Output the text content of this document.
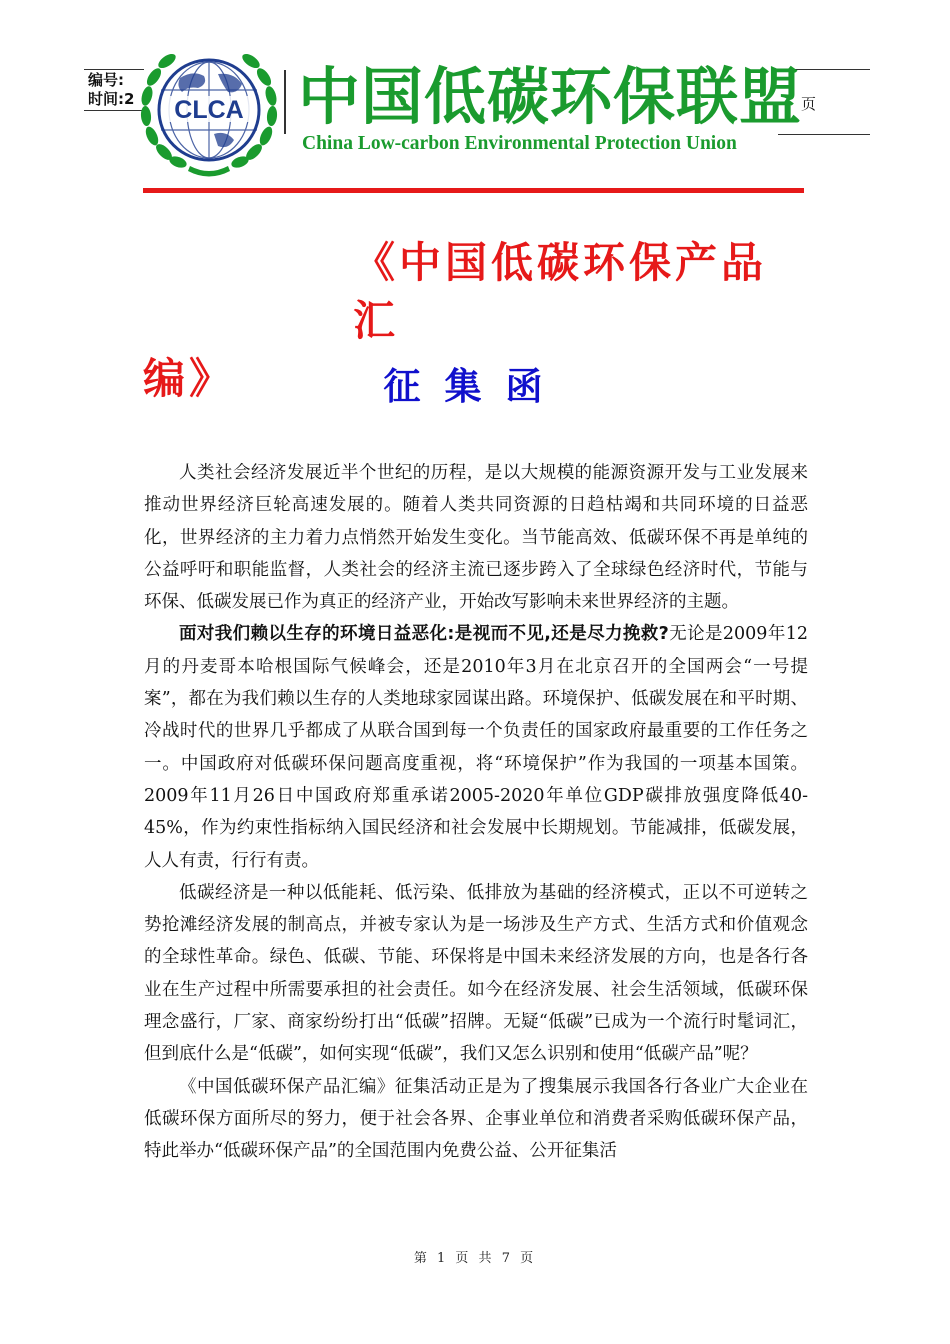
编号:
时间:2	页
CLCA 中国低碳环保联盟
China Low-carbon Environmental Protection Union
《中国低碳环保产品汇
编》	征集函

人类社会经济发展近半个世纪的历程，是以大规模的能源资源开发与工业发展来推动世界经济巨轮高速发展的。随着人类共同资源的日趋枯竭和共同环境的日益恶化，世界经济的主力着力点悄然开始发生变化。当节能高效、低碳环保不再是单纯的公益呼吁和职能监督，人类社会的经济主流已逐步跨入了全球绿色经济时代，节能与环保、低碳发展已作为真正的经济产业，开始改写影响未来世界经济的主题。

面对我们赖以生存的环境日益恶化:是视而不见,还是尽力挽救?无论是2009年12月的丹麦哥本哈根国际气候峰会，还是2010年3月在北京召开的全国两会“一号提案”，都在为我们赖以生存的人类地球家园谋出路。环境保护、低碳发展在和平时期、冷战时代的世界几乎都成了从联合国到每一个负责任的国家政府最重要的工作任务之一。中国政府对低碳环保问题高度重视，将“环境保护”作为我国的一项基本国策。2009年11月26日中国政府郑重承诺2005-2020年单位GDP碳排放强度降低40-45%，作为约束性指标纳入国民经济和社会发展中长期规划。节能减排，低碳发展，人人有责，行行有责。

低碳经济是一种以低能耗、低污染、低排放为基础的经济模式，正以不可逆转之势抢滩经济发展的制高点，并被专家认为是一场涉及生产方式、生活方式和价值观念的全球性革命。绿色、低碳、节能、环保将是中国未来经济发展的方向，也是各行各业在生产过程中所需要承担的社会责任。如今在经济发展、社会生活领域，低碳环保理念盛行，厂家、商家纷纷打出“低碳”招牌。无疑“低碳”已成为一个流行时髦词汇，但到底什么是“低碳”，如何实现“低碳”，我们又怎么识别和使用“低碳产品”呢？

《中国低碳环保产品汇编》征集活动正是为了搜集展示我国各行各业广大企业在低碳环保方面所尽的努力，便于社会各界、企事业单位和消费者采购低碳环保产品，特此举办“低碳环保产品”的全国范围内免费公益、公开征集活

第 1 页 共 7 页
